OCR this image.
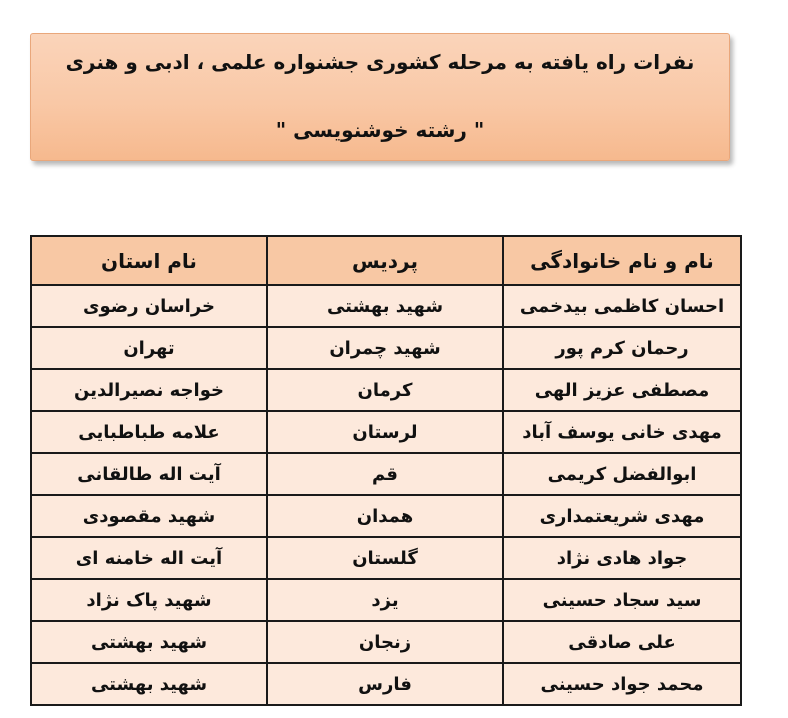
نفرات راه یافته به مرحله کشوری جشنواره علمی ، ادبی و هنری
" رشته خوشنویسی "
نام و نام خانوادگی	پردیس	نام استان
احسان کاظمی بیدخمی	شهید بهشتی	خراسان رضوی
رحمان کرم پور	شهید چمران	تهران
مصطفی عزیز الهی	کرمان	خواجه نصیرالدین
مهدی خانی یوسف آباد	لرستان	علامه طباطبایی
ابوالفضل کریمی	قم	آیت اله طالقانی
مهدی شریعتمداری	همدان	شهید مقصودی
جواد هادی نژاد	گلستان	آیت اله خامنه ای
سید سجاد حسینی	یزد	شهید پاک نژاد
علی صادقی	زنجان	شهید بهشتی
محمد جواد حسینی	فارس	شهید بهشتی
